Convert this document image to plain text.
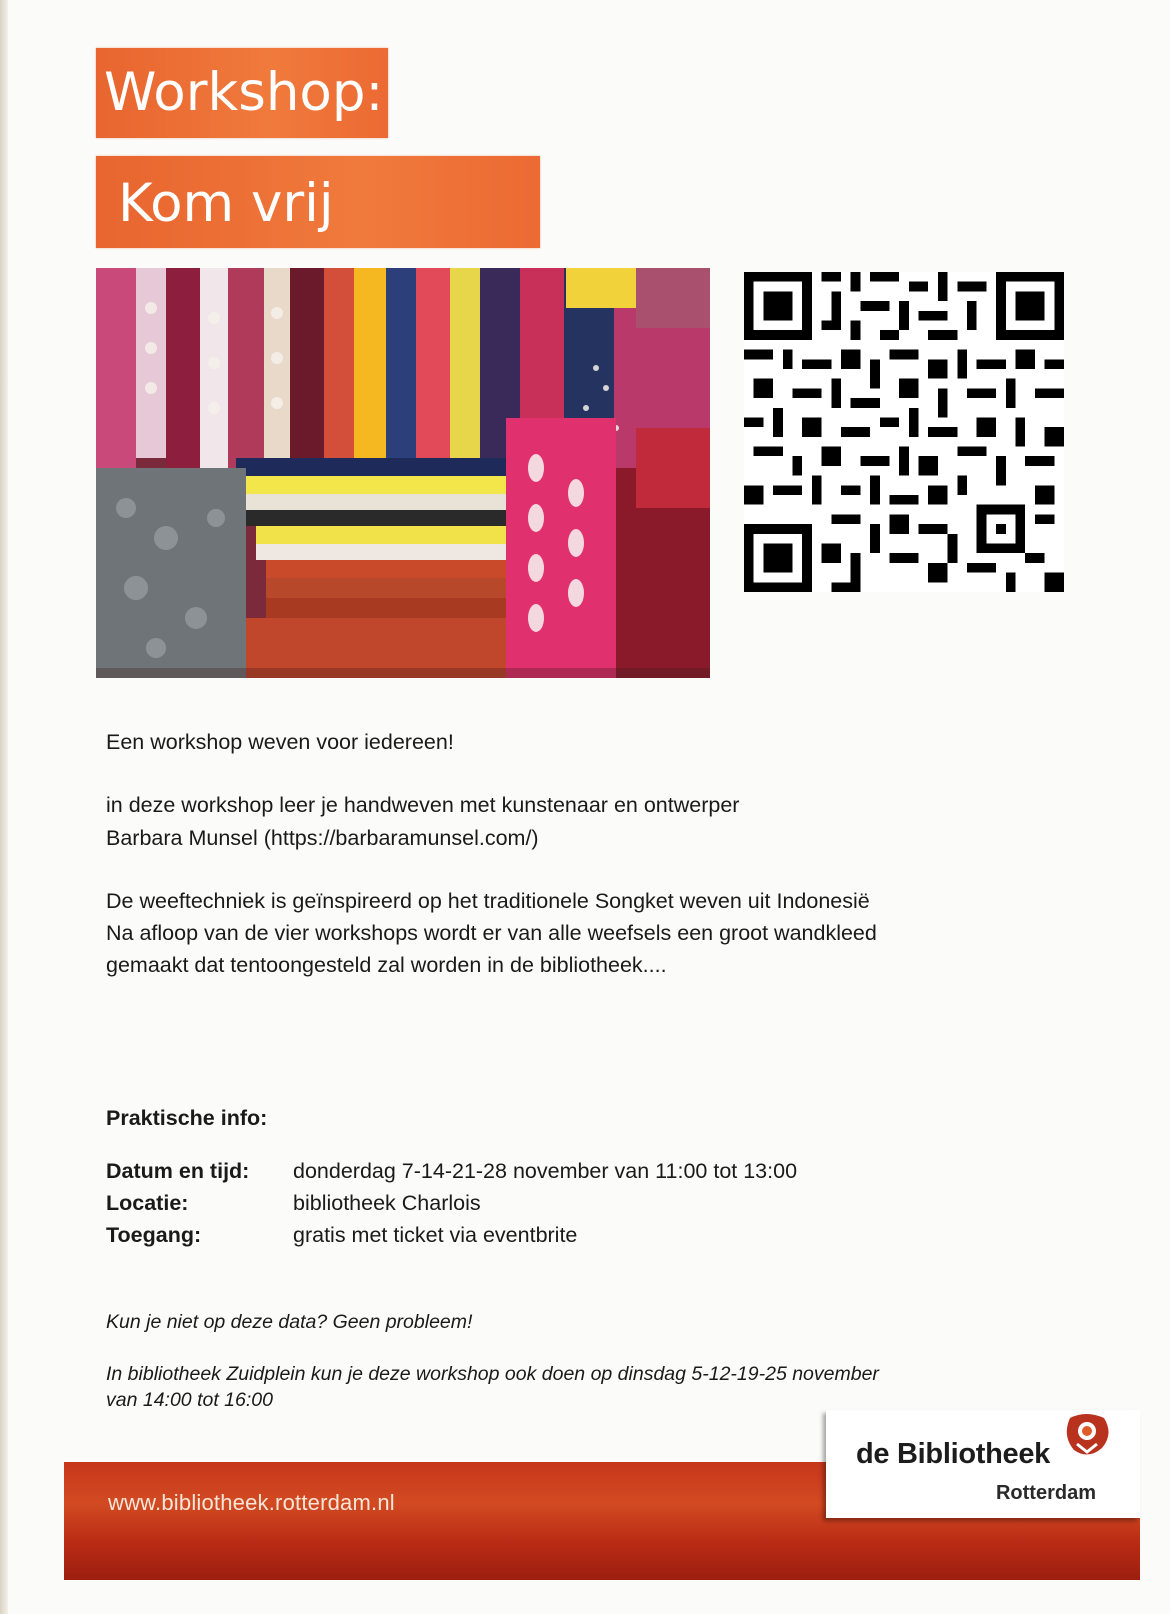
Workshop:
Kom vrij
Een workshop weven voor iedereen!
in deze workshop leer je handweven met kunstenaar en ontwerper
Barbara Munsel (https://barbaramunsel.com/)
De weeftechniek is geïnspireerd op het traditionele Songket weven uit Indonesië
Na afloop van de vier workshops wordt er van alle weefsels een groot wandkleed
gemaakt dat tentoongesteld zal worden in de bibliotheek....
Praktische info:
Datum en tijd: donderdag 7-14-21-28 november van 11:00 tot 13:00
Locatie:	bibliotheek Charlois
Toegang:	gratis met ticket via eventbrite
Kun je niet op deze data? Geen probleem!
In bibliotheek Zuidplein kun je deze workshop ook doen op dinsdag 5-12-19-25 november
van 14:00 tot 16:00
www.bibliotheek.rotterdam.nl
de Bibliotheek
Rotterdam
